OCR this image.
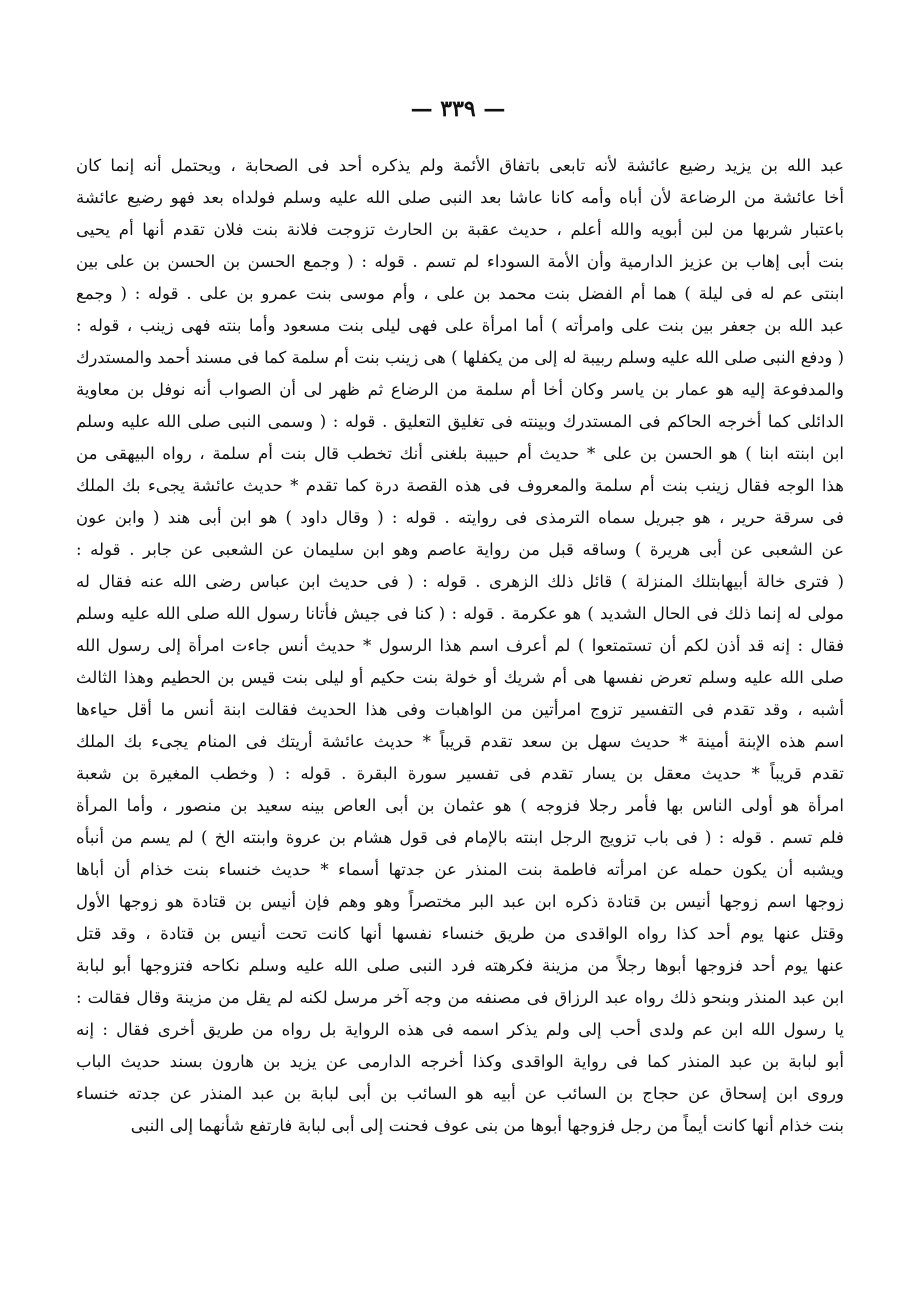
— ٣٣٩ —
عبد الله بن يزيد رضيع عائشة لأنه تابعى باتفاق الأئمة ولم يذكره أحد فى الصحابة ، ويحتمل أنه إنما كان
أخا عائشة من الرضاعة لأن أباه وأمه كانا عاشا بعد النبى صلى الله عليه وسلم فولداه بعد فهو رضيع عائشة
باعتبار شربها من لبن أبويه والله أعلم ، حديث عقبة بن الحارث تزوجت فلانة بنت فلان تقدم أنها أم يحيى
بنت أبى إهاب بن عزيز الدارمية وأن الأمة السوداء لم تسم . قوله : ( وجمع الحسن بن الحسن بن على بين
ابنتى عم له فى ليلة ) هما أم الفضل بنت محمد بن على ، وأم موسى بنت عمرو بن على . قوله : ( وجمع
عبد الله بن جعفر بين بنت على وامرأته ) أما امرأة على فهى ليلى بنت مسعود وأما بنته فهى زينب ، قوله :
( ودفع النبى صلى الله عليه وسلم ربيبة له إلى من يكفلها ) هى زينب بنت أم سلمة كما فى مسند أحمد والمستدرك
والمدفوعة إليه هو عمار بن ياسر وكان أخا أم سلمة من الرضاع ثم ظهر لى أن الصواب أنه نوفل بن معاوية
الدائلى كما أخرجه الحاكم فى المستدرك وبينته فى تغليق التعليق . قوله : ( وسمى النبى صلى الله عليه وسلم
ابن ابنته ابنا ) هو الحسن بن على * حديث أم حبيبة بلغنى أنك تخطب قال بنت أم سلمة ، رواه البيهقى من
هذا الوجه فقال زينب بنت أم سلمة والمعروف فى هذه القصة درة كما تقدم * حديث عائشة يجىء بك الملك
فى سرقة حرير ، هو جبريل سماه الترمذى فى روايته . قوله : ( وقال داود ) هو ابن أبى هند ( وابن عون
عن الشعبى عن أبى هريرة ) وساقه قبل من رواية عاصم وهو ابن سليمان عن الشعبى عن جابر . قوله :
( فترى خالة أبيهابتلك المنزلة ) قائل ذلك الزهرى . قوله : ( فى حديث ابن عباس رضى الله عنه فقال له
مولى له إنما ذلك فى الحال الشديد ) هو عكرمة . قوله : ( كنا فى جيش فأتانا رسول الله صلى الله عليه وسلم
فقال : إنه قد أذن لكم أن تستمتعوا ) لم أعرف اسم هذا الرسول * حديث أنس جاءت امرأة إلى رسول الله
صلى الله عليه وسلم تعرض نفسها هى أم شريك أو خولة بنت حكيم أو ليلى بنت قيس بن الحطيم وهذا الثالث
أشبه ، وقد تقدم فى التفسير تزوج امرأتين من الواهبات وفى هذا الحديث فقالت ابنة أنس ما أقل حياءها
اسم هذه الإبنة أمينة * حديث سهل بن سعد تقدم قريباً * حديث عائشة أريتك فى المنام يجىء بك الملك
تقدم قريباً * حديث معقل بن يسار تقدم فى تفسير سورة البقرة . قوله : ( وخطب المغيرة بن شعبة
امرأة هو أولى الناس بها فأمر رجلا فزوجه ) هو عثمان بن أبى العاص بينه سعيد بن منصور ، وأما المرأة
فلم تسم . قوله : ( فى باب تزويج الرجل ابنته بالإمام فى قول هشام بن عروة وابنته الخ ) لم يسم من أنبأه
ويشبه أن يكون حمله عن امرأته فاطمة بنت المنذر عن جدتها أسماء * حديث خنساء بنت خذام أن أباها
زوجها اسم زوجها أنيس بن قتادة ذكره ابن عبد البر مختصراً وهو وهم فإن أنيس بن قتادة هو زوجها الأول
وقتل عنها يوم أحد كذا رواه الواقدى من طريق خنساء نفسها أنها كانت تحت أنيس بن قتادة ، وقد قتل
عنها يوم أحد فزوجها أبوها رجلاً من مزينة فكرهته فرد النبى صلى الله عليه وسلم نكاحه فتزوجها أبو لبابة
ابن عبد المنذر وبنحو ذلك رواه عبد الرزاق فى مصنفه من وجه آخر مرسل لكنه لم يقل من مزينة وقال فقالت :
يا رسول الله ابن عم ولدى أحب إلى ولم يذكر اسمه فى هذه الرواية بل رواه من طريق أخرى فقال : إنه
أبو لبابة بن عبد المنذر كما فى رواية الواقدى وكذا أخرجه الدارمى عن يزيد بن هارون بسند حديث الباب
وروى ابن إسحاق عن حجاج بن السائب عن أبيه هو السائب بن أبى لبابة بن عبد المنذر عن جدته خنساء
بنت خذام أنها كانت أيماً من رجل فزوجها أبوها من بنى عوف فحنت إلى أبى لبابة فارتفع شأنهما إلى النبى
